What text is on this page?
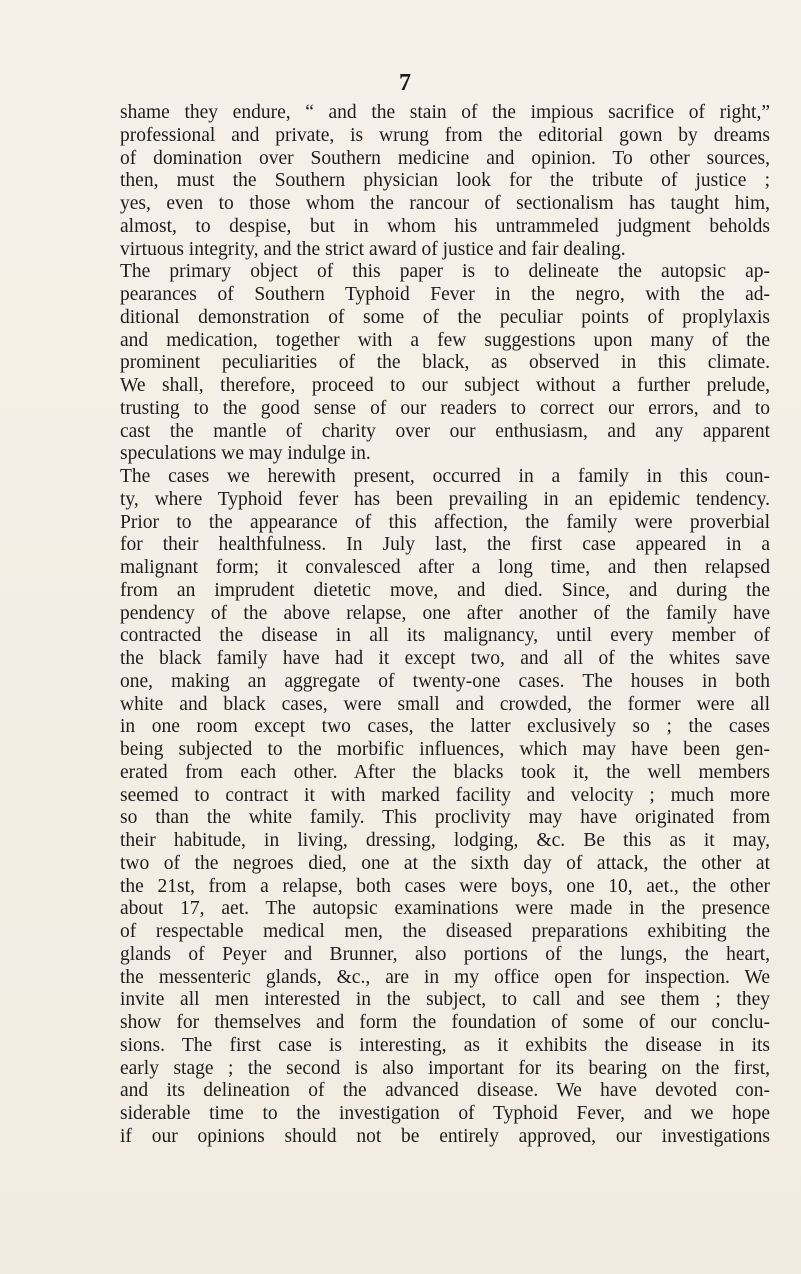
7
shame they endure, “ and the stain of the impious sacrifice of right,”
professional and private, is wrung from the editorial gown by dreams
of domination over Southern medicine and opinion. To other sources,
then, must the Southern physician look for the tribute of justice ;
yes, even to those whom the rancour of sectionalism has taught him,
almost, to despise, but in whom his untrammeled judgment beholds
virtuous integrity, and the strict award of justice and fair dealing.
The primary object of this paper is to delineate the autopsic ap-
pearances of Southern Typhoid Fever in the negro, with the ad-
ditional demonstration of some of the peculiar points of proplylaxis
and medication, together with a few suggestions upon many of the
prominent peculiarities of the black, as observed in this climate.
We shall, therefore, proceed to our subject without a further prelude,
trusting to the good sense of our readers to correct our errors, and to
cast the mantle of charity over our enthusiasm, and any apparent
speculations we may indulge in.
The cases we herewith present, occurred in a family in this coun-
ty, where Typhoid fever has been prevailing in an epidemic tendency.
Prior to the appearance of this affection, the family were proverbial
for their healthfulness. In July last, the first case appeared in a
malignant form; it convalesced after a long time, and then relapsed
from an imprudent dietetic move, and died. Since, and during the
pendency of the above relapse, one after another of the family have
contracted the disease in all its malignancy, until every member of
the black family have had it except two, and all of the whites save
one, making an aggregate of twenty-one cases. The houses in both
white and black cases, were small and crowded, the former were all
in one room except two cases, the latter exclusively so ; the cases
being subjected to the morbific influences, which may have been gen-
erated from each other. After the blacks took it, the well members
seemed to contract it with marked facility and velocity ; much more
so than the white family. This proclivity may have originated from
their habitude, in living, dressing, lodging, &c. Be this as it may,
two of the negroes died, one at the sixth day of attack, the other at
the 21st, from a relapse, both cases were boys, one 10, aet., the other
about 17, aet. The autopsic examinations were made in the presence
of respectable medical men, the diseased preparations exhibiting the
glands of Peyer and Brunner, also portions of the lungs, the heart,
the messenteric glands, &c., are in my office open for inspection. We
invite all men interested in the subject, to call and see them ; they
show for themselves and form the foundation of some of our conclu-
sions. The first case is interesting, as it exhibits the disease in its
early stage ; the second is also important for its bearing on the first,
and its delineation of the advanced disease. We have devoted con-
siderable time to the investigation of Typhoid Fever, and we hope
if our opinions should not be entirely approved, our investigations
